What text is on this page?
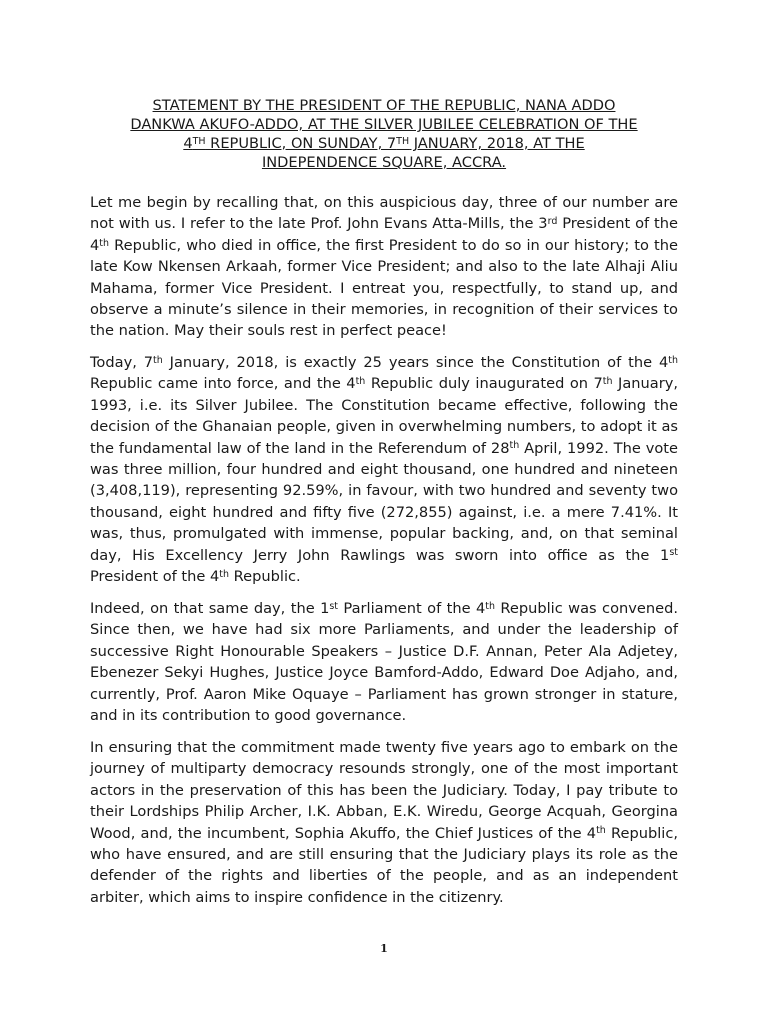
STATEMENT BY THE PRESIDENT OF THE REPUBLIC, NANA ADDO
DANKWA AKUFO-ADDO, AT THE SILVER JUBILEE CELEBRATION OF THE
4TH REPUBLIC, ON SUNDAY, 7TH JANUARY, 2018, AT THE
INDEPENDENCE SQUARE, ACCRA.

Let me begin by recalling that, on this auspicious day, three of our number are not with us. I refer to the late Prof. John Evans Atta-Mills, the 3rd President of the 4th Republic, who died in office, the first President to do so in our history; to the late Kow Nkensen Arkaah, former Vice President; and also to the late Alhaji Aliu Mahama, former Vice President. I entreat you, respectfully, to stand up, and observe a minute’s silence in their memories, in recognition of their services to the nation. May their souls rest in perfect peace!

Today, 7th January, 2018, is exactly 25 years since the Constitution of the 4th Republic came into force, and the 4th Republic duly inaugurated on 7th January, 1993, i.e. its Silver Jubilee. The Constitution became effective, following the decision of the Ghanaian people, given in overwhelming numbers, to adopt it as the fundamental law of the land in the Referendum of 28th April, 1992. The vote was three million, four hundred and eight thousand, one hundred and nineteen (3,408,119), representing 92.59%, in favour, with two hundred and seventy two thousand, eight hundred and fifty five (272,855) against, i.e. a mere 7.41%. It was, thus, promulgated with immense, popular backing, and, on that seminal day, His Excellency Jerry John Rawlings was sworn into office as the 1st President of the 4th Republic.

Indeed, on that same day, the 1st Parliament of the 4th Republic was convened. Since then, we have had six more Parliaments, and under the leadership of successive Right Honourable Speakers – Justice D.F. Annan, Peter Ala Adjetey, Ebenezer Sekyi Hughes, Justice Joyce Bamford-Addo, Edward Doe Adjaho, and, currently, Prof. Aaron Mike Oquaye – Parliament has grown stronger in stature, and in its contribution to good governance.

In ensuring that the commitment made twenty five years ago to embark on the journey of multiparty democracy resounds strongly, one of the most important actors in the preservation of this has been the Judiciary. Today, I pay tribute to their Lordships Philip Archer, I.K. Abban, E.K. Wiredu, George Acquah, Georgina Wood, and, the incumbent, Sophia Akuffo, the Chief Justices of the 4th Republic, who have ensured, and are still ensuring that the Judiciary plays its role as the defender of the rights and liberties of the people, and as an independent arbiter, which aims to inspire confidence in the citizenry.

1
